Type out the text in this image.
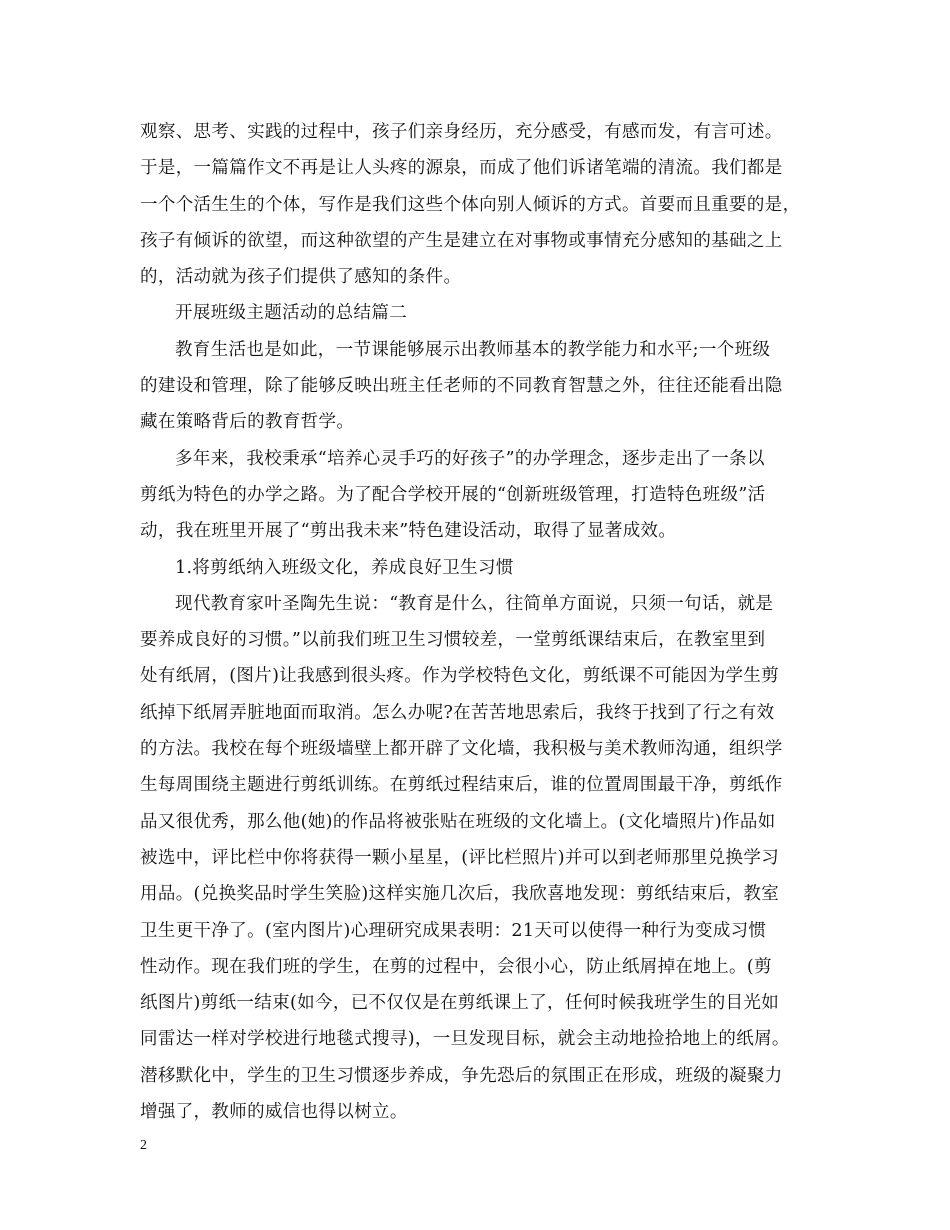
观察、思考、实践的过程中，孩子们亲身经历，充分感受，有感而发，有言可述。
于是，一篇篇作文不再是让人头疼的源泉，而成了他们诉诸笔端的清流。我们都是
一个个活生生的个体，写作是我们这些个体向别人倾诉的方式。首要而且重要的是，
孩子有倾诉的欲望，而这种欲望的产生是建立在对事物或事情充分感知的基础之上
的，活动就为孩子们提供了感知的条件。
开展班级主题活动的总结篇二
教育生活也是如此，一节课能够展示出教师基本的教学能力和水平;一个班级
的建设和管理，除了能够反映出班主任老师的不同教育智慧之外，往往还能看出隐
藏在策略背后的教育哲学。
多年来，我校秉承“培养心灵手巧的好孩子”的办学理念，逐步走出了一条以
剪纸为特色的办学之路。为了配合学校开展的“创新班级管理，打造特色班级”活
动，我在班里开展了“剪出我未来”特色建设活动，取得了显著成效。
1.将剪纸纳入班级文化，养成良好卫生习惯
现代教育家叶圣陶先生说：“教育是什么，往简单方面说，只须一句话，就是
要养成良好的习惯。”以前我们班卫生习惯较差，一堂剪纸课结束后，在教室里到
处有纸屑，(图片)让我感到很头疼。作为学校特色文化，剪纸课不可能因为学生剪
纸掉下纸屑弄脏地面而取消。怎么办呢?在苦苦地思索后，我终于找到了行之有效
的方法。我校在每个班级墙壁上都开辟了文化墙，我积极与美术教师沟通，组织学
生每周围绕主题进行剪纸训练。在剪纸过程结束后，谁的位置周围最干净，剪纸作
品又很优秀，那么他(她)的作品将被张贴在班级的文化墙上。(文化墙照片)作品如
被选中，评比栏中你将获得一颗小星星，(评比栏照片)并可以到老师那里兑换学习
用品。(兑换奖品时学生笑脸)这样实施几次后，我欣喜地发现：剪纸结束后，教室
卫生更干净了。(室内图片)心理研究成果表明：21天可以使得一种行为变成习惯
性动作。现在我们班的学生，在剪的过程中，会很小心，防止纸屑掉在地上。(剪
纸图片)剪纸一结束(如今，已不仅仅是在剪纸课上了，任何时候我班学生的目光如
同雷达一样对学校进行地毯式搜寻)，一旦发现目标，就会主动地捡拾地上的纸屑。
潜移默化中，学生的卫生习惯逐步养成，争先恐后的氛围正在形成，班级的凝聚力
增强了，教师的威信也得以树立。
2
